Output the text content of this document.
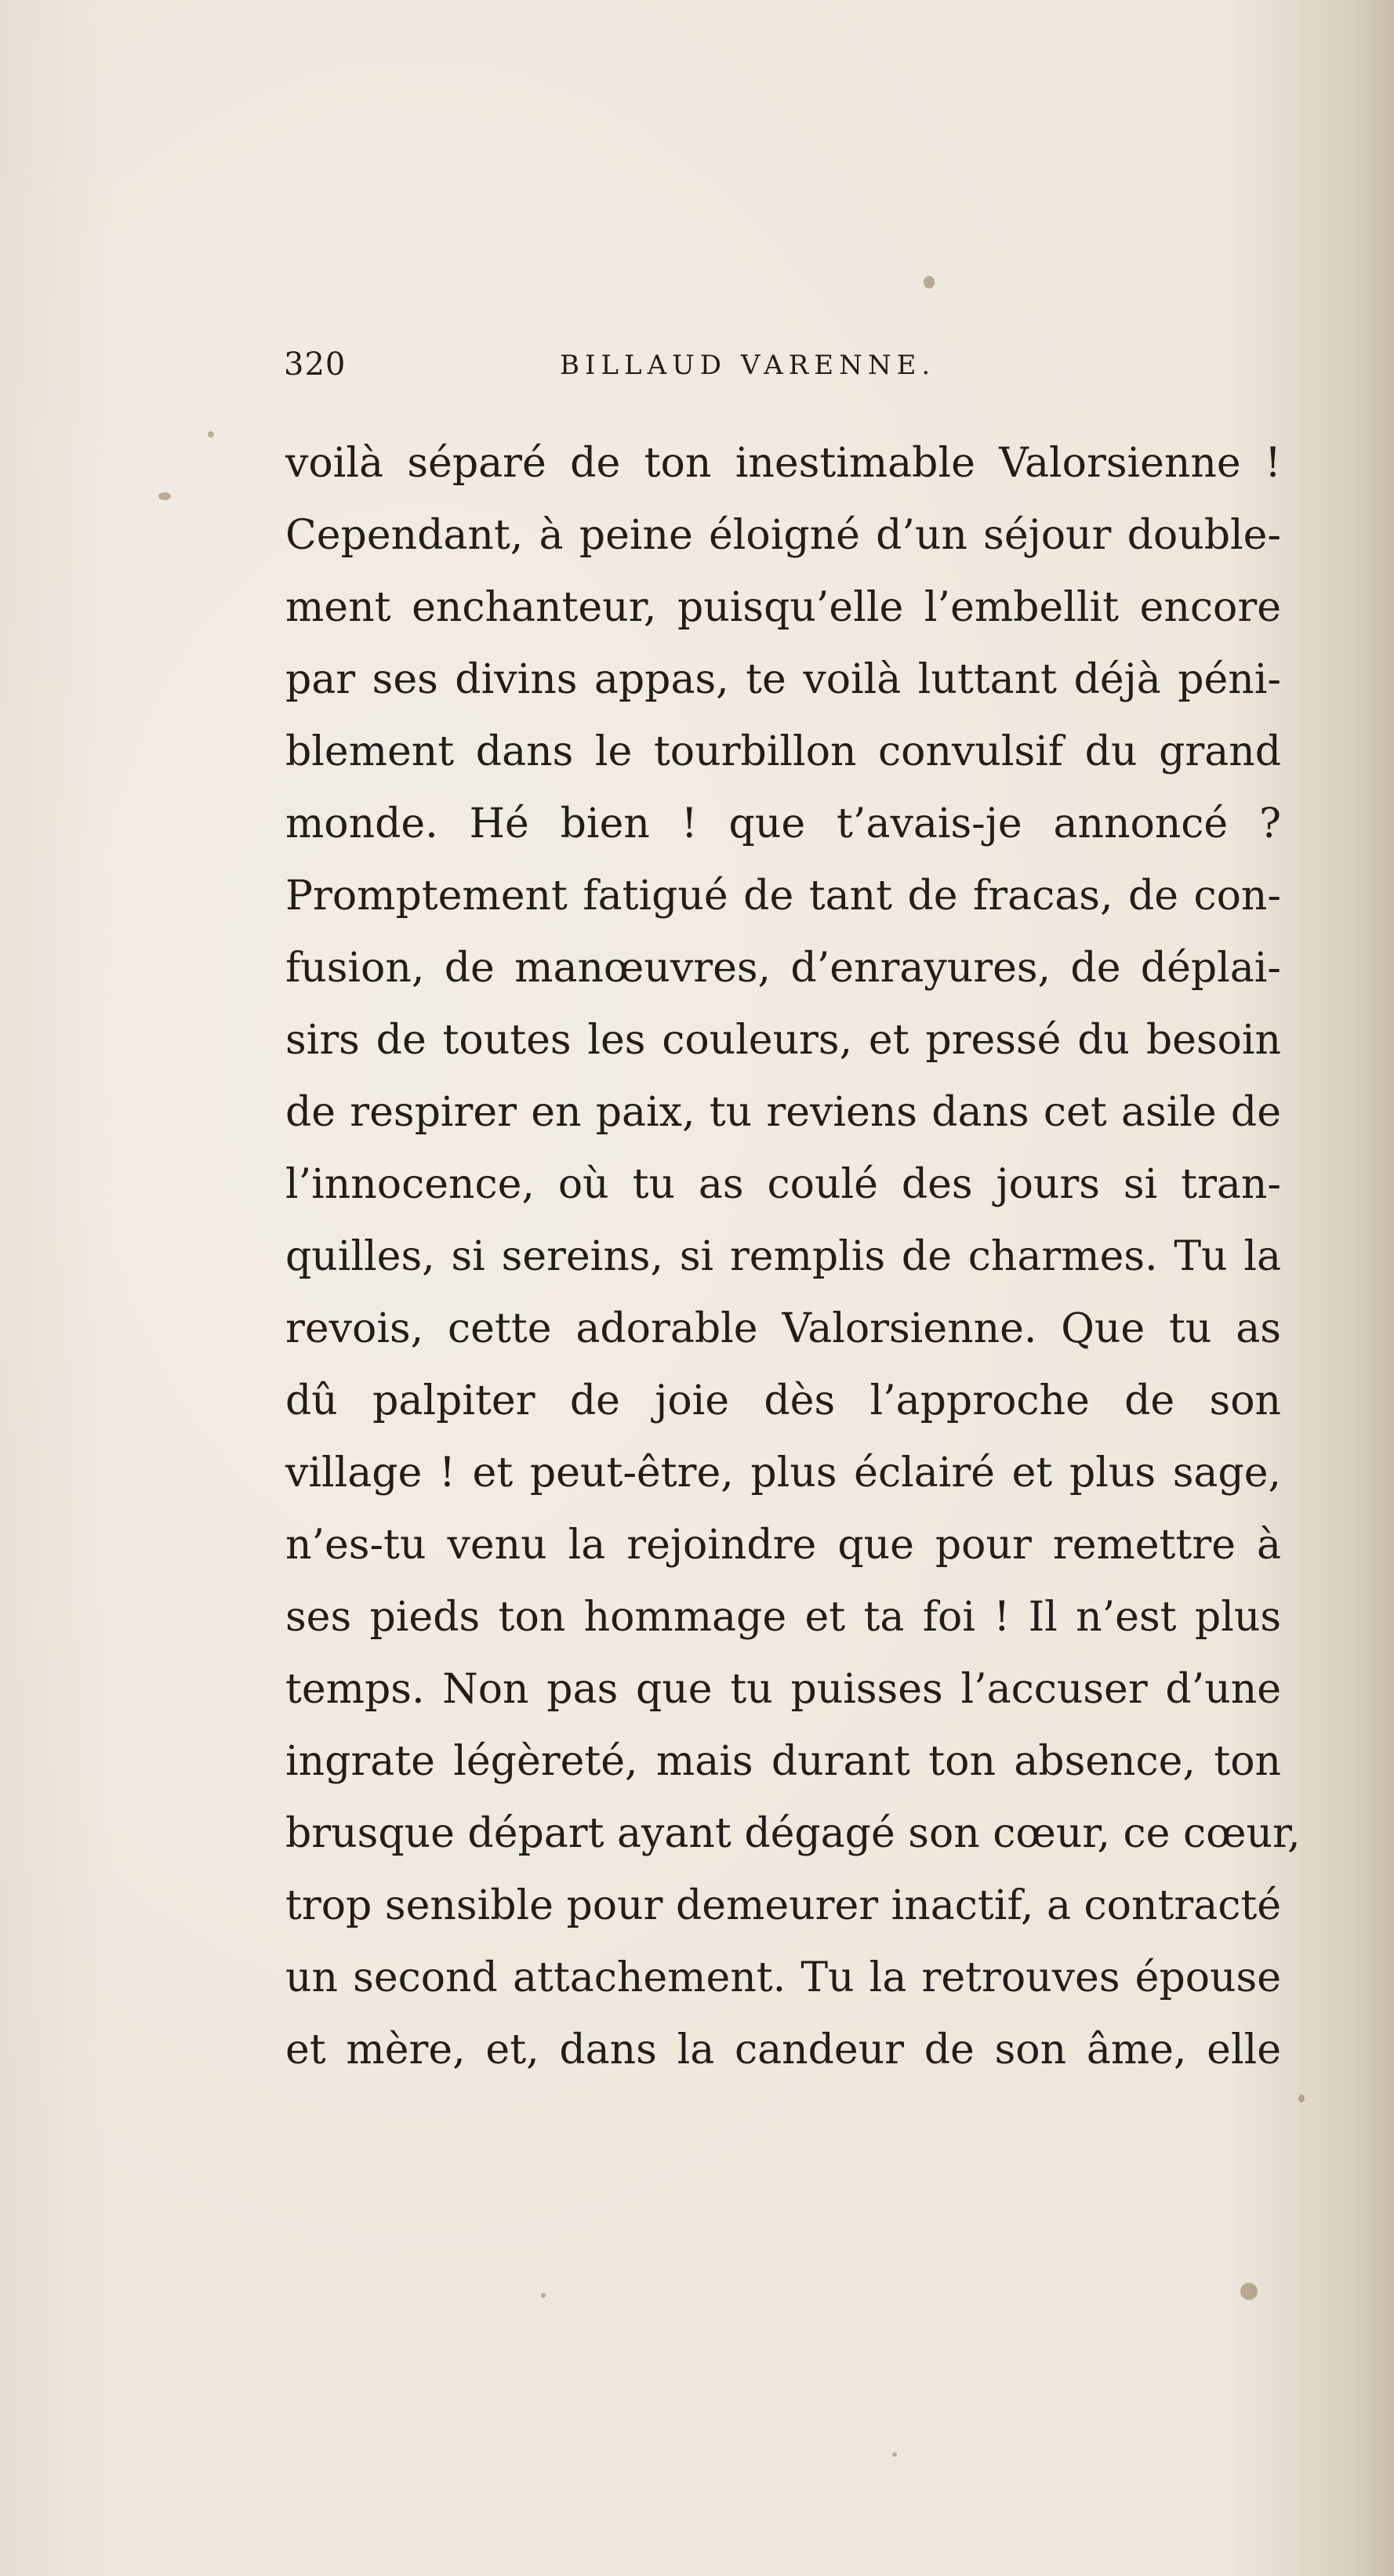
320	BILLAUD VARENNE.
voilà séparé de ton inestimable Valorsienne !
Cependant, à peine éloigné d’un séjour double-
ment enchanteur, puisqu’elle l’embellit encore
par ses divins appas, te voilà luttant déjà péni-
blement dans le tourbillon convulsif du grand
monde. Hé bien ! que t’avais-je annoncé ?
Promptement fatigué de tant de fracas, de con-
fusion, de manœuvres, d’enrayures, de déplai-
sirs de toutes les couleurs, et pressé du besoin
de respirer en paix, tu reviens dans cet asile de
l’innocence, où tu as coulé des jours si tran-
quilles, si sereins, si remplis de charmes. Tu la
revois, cette adorable Valorsienne. Que tu as
dû palpiter de joie dès l’approche de son
village ! et peut-être, plus éclairé et plus sage,
n’es-tu venu la rejoindre que pour remettre à
ses pieds ton hommage et ta foi ! Il n’est plus
temps. Non pas que tu puisses l’accuser d’une
ingrate légèreté, mais durant ton absence, ton
brusque départ ayant dégagé son cœur, ce cœur,
trop sensible pour demeurer inactif, a contracté
un second attachement. Tu la retrouves épouse
et mère, et, dans la candeur de son âme, elle
